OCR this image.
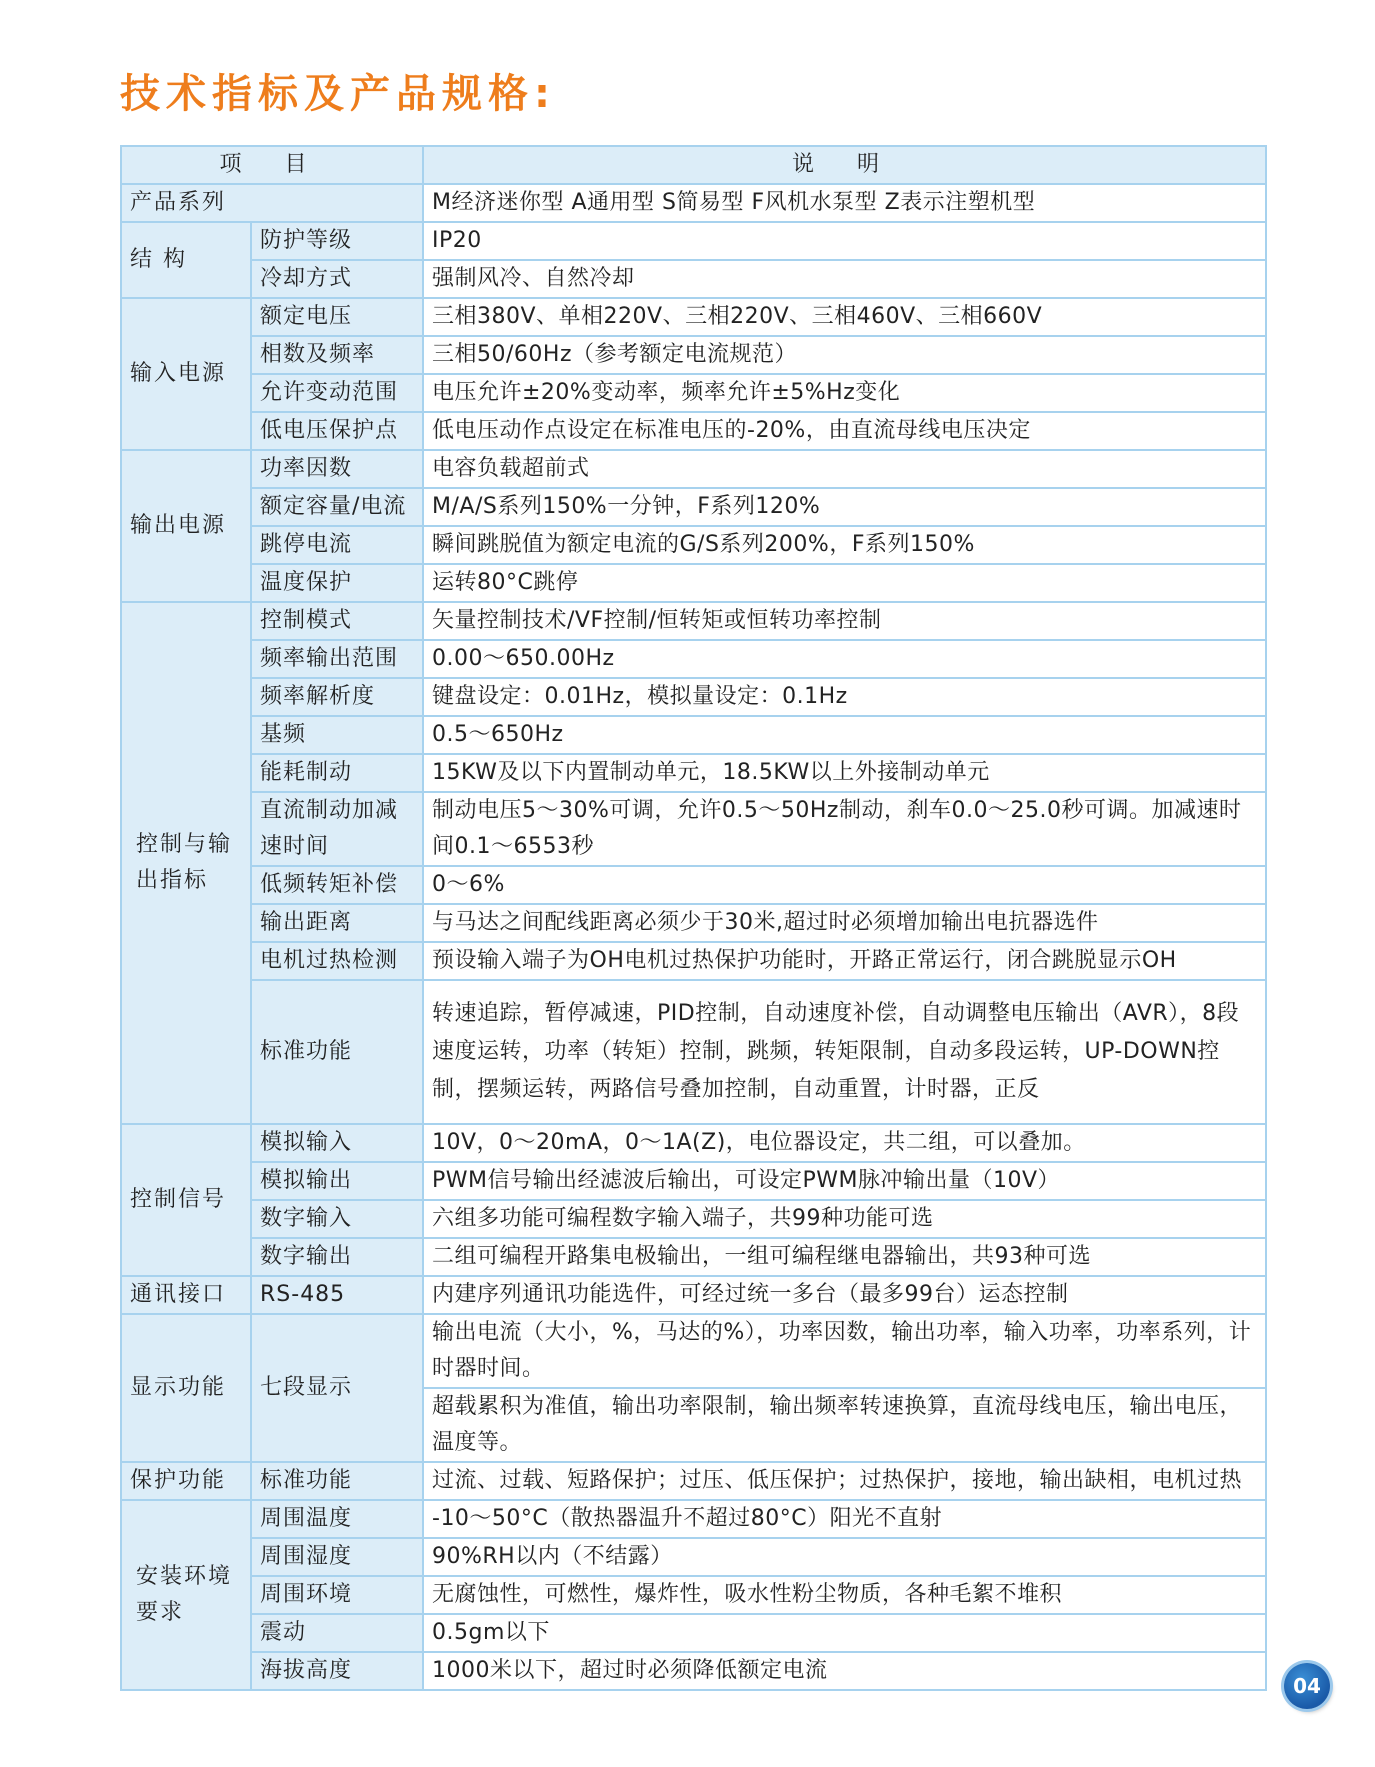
技术指标及产品规格:
项 目		说 明
产品系列		M经济迷你型 A通用型 S简易型 F风机水泵型 Z表示注塑机型
结 构	防护等级	IP20
	冷却方式	强制风冷、自然冷却
输入电源	额定电压	三相380V、单相220V、三相220V、三相460V、三相660V
	相数及频率	三相50/60Hz（参考额定电流规范）
	允许变动范围	电压允许±20%变动率，频率允许±5%Hz变化
	低电压保护点	低电压动作点设定在标准电压的-20%，由直流母线电压决定
输出电源	功率因数	电容负载超前式
	额定容量/电流	M/A/S系列150%一分钟，F系列120%
	跳停电流	瞬间跳脱值为额定电流的G/S系列200%，F系列150%
	温度保护	运转80°C跳停
控制与输出指标	控制模式	矢量控制技术/VF控制/恒转矩或恒转功率控制
	频率输出范围	0.00～650.00Hz
	频率解析度	键盘设定：0.01Hz，模拟量设定：0.1Hz
	基频	0.5～650Hz
	能耗制动	15KW及以下内置制动单元，18.5KW以上外接制动单元
	直流制动加减速时间	制动电压5～30%可调，允许0.5～50Hz制动，刹车0.0～25.0秒可调。加减速时间0.1～6553秒
	低频转矩补偿	0～6%
	输出距离	与马达之间配线距离必须少于30米,超过时必须增加输出电抗器选件
	电机过热检测	预设输入端子为OH电机过热保护功能时，开路正常运行，闭合跳脱显示OH
	标准功能	转速追踪，暂停减速，PID控制，自动速度补偿，自动调整电压输出（AVR），8段速度运转，功率（转矩）控制，跳频，转矩限制，自动多段运转，UP-DOWN控制，摆频运转，两路信号叠加控制，自动重置，计时器，正反
控制信号	模拟输入	10V，0～20mA，0～1A(Z)，电位器设定，共二组，可以叠加。
	模拟输出	PWM信号输出经滤波后输出，可设定PWM脉冲输出量（10V）
	数字输入	六组多功能可编程数字输入端子，共99种功能可选
	数字输出	二组可编程开路集电极输出，一组可编程继电器输出，共93种可选
通讯接口	RS-485	内建序列通讯功能选件，可经过统一多台（最多99台）运态控制
显示功能	七段显示	输出电流（大小，%，马达的%），功率因数，输出功率，输入功率，功率系列，计时器时间。
		超载累积为准值，输出功率限制，输出频率转速换算，直流母线电压，输出电压，温度等。
保护功能	标准功能	过流、过载、短路保护；过压、低压保护；过热保护，接地，输出缺相，电机过热
安装环境要求	周围温度	-10～50°C（散热器温升不超过80°C）阳光不直射
	周围湿度	90%RH以内（不结露）
	周围环境	无腐蚀性，可燃性，爆炸性，吸水性粉尘物质，各种毛絮不堆积
	震动	0.5gm以下
	海拔高度	1000米以下，超过时必须降低额定电流
04
